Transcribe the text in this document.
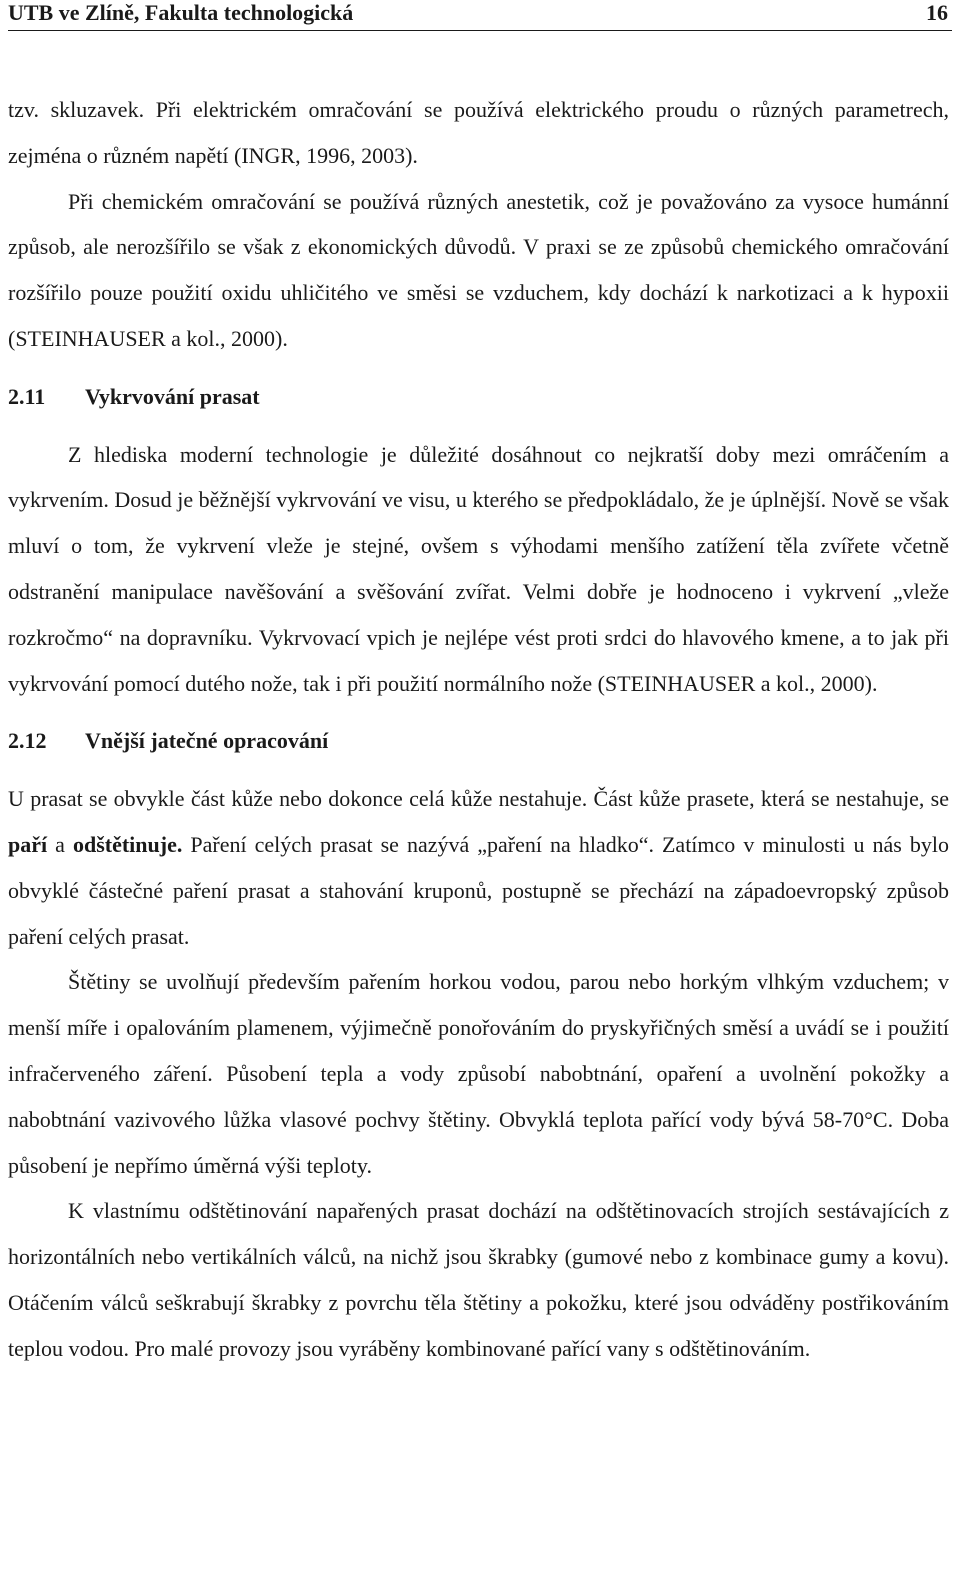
UTB ve Zlíně, Fakulta technologická	16

tzv. skluzavek. Při elektrickém omračování se používá elektrického proudu o různých parametrech, zejména o různém napětí (INGR, 1996, 2003).

Při chemickém omračování se používá různých anestetik, což je považováno za vysoce humánní způsob, ale nerozšířilo se však z ekonomických důvodů. V praxi se ze způsobů chemického omračování rozšířilo pouze použití oxidu uhličitého ve směsi se vzduchem, kdy dochází k narkotizaci a k hypoxii (STEINHAUSER a kol., 2000).

2.11 Vykrvování prasat

Z hlediska moderní technologie je důležité dosáhnout co nejkratší doby mezi omráčením a vykrvením. Dosud je běžnější vykrvování ve visu, u kterého se předpokládalo, že je úplnější. Nově se však mluví o tom, že vykrvení vleže je stejné, ovšem s výhodami menšího zatížení těla zvířete včetně odstranění manipulace navěšování a svěšování zvířat. Velmi dobře je hodnoceno i vykrvení „vleže rozkročmo“ na dopravníku. Vykrvovací vpich je nejlépe vést proti srdci do hlavového kmene, a to jak při vykrvování pomocí dutého nože, tak i při použití normálního nože (STEINHAUSER a kol., 2000).

2.12 Vnější jatečné opracování

U prasat se obvykle část kůže nebo dokonce celá kůže nestahuje. Část kůže prasete, která se nestahuje, se paří a odštětinuje. Paření celých prasat se nazývá „paření na hladko“. Zatímco v minulosti u nás bylo obvyklé částečné paření prasat a stahování kruponů, postupně se přechází na západoevropský způsob paření celých prasat.

Štětiny se uvolňují především pařením horkou vodou, parou nebo horkým vlhkým vzduchem; v menší míře i opalováním plamenem, výjimečně ponořováním do pryskyřičných směsí a uvádí se i použití infračerveného záření. Působení tepla a vody způsobí nabobtnání, opaření a uvolnění pokožky a nabobtnání vazivového lůžka vlasové pochvy štětiny. Obvyklá teplota pařící vody bývá 58-70°C. Doba působení je nepřímo úměrná výši teploty.

K vlastnímu odštětinování napařených prasat dochází na odštětinovacích strojích sestávajících z horizontálních nebo vertikálních válců, na nichž jsou škrabky (gumové nebo z kombinace gumy a kovu). Otáčením válců seškrabují škrabky z povrchu těla štětiny a pokožku, které jsou odváděny postřikováním teplou vodou. Pro malé provozy jsou vyráběny kombinované pařící vany s odštětinováním.
